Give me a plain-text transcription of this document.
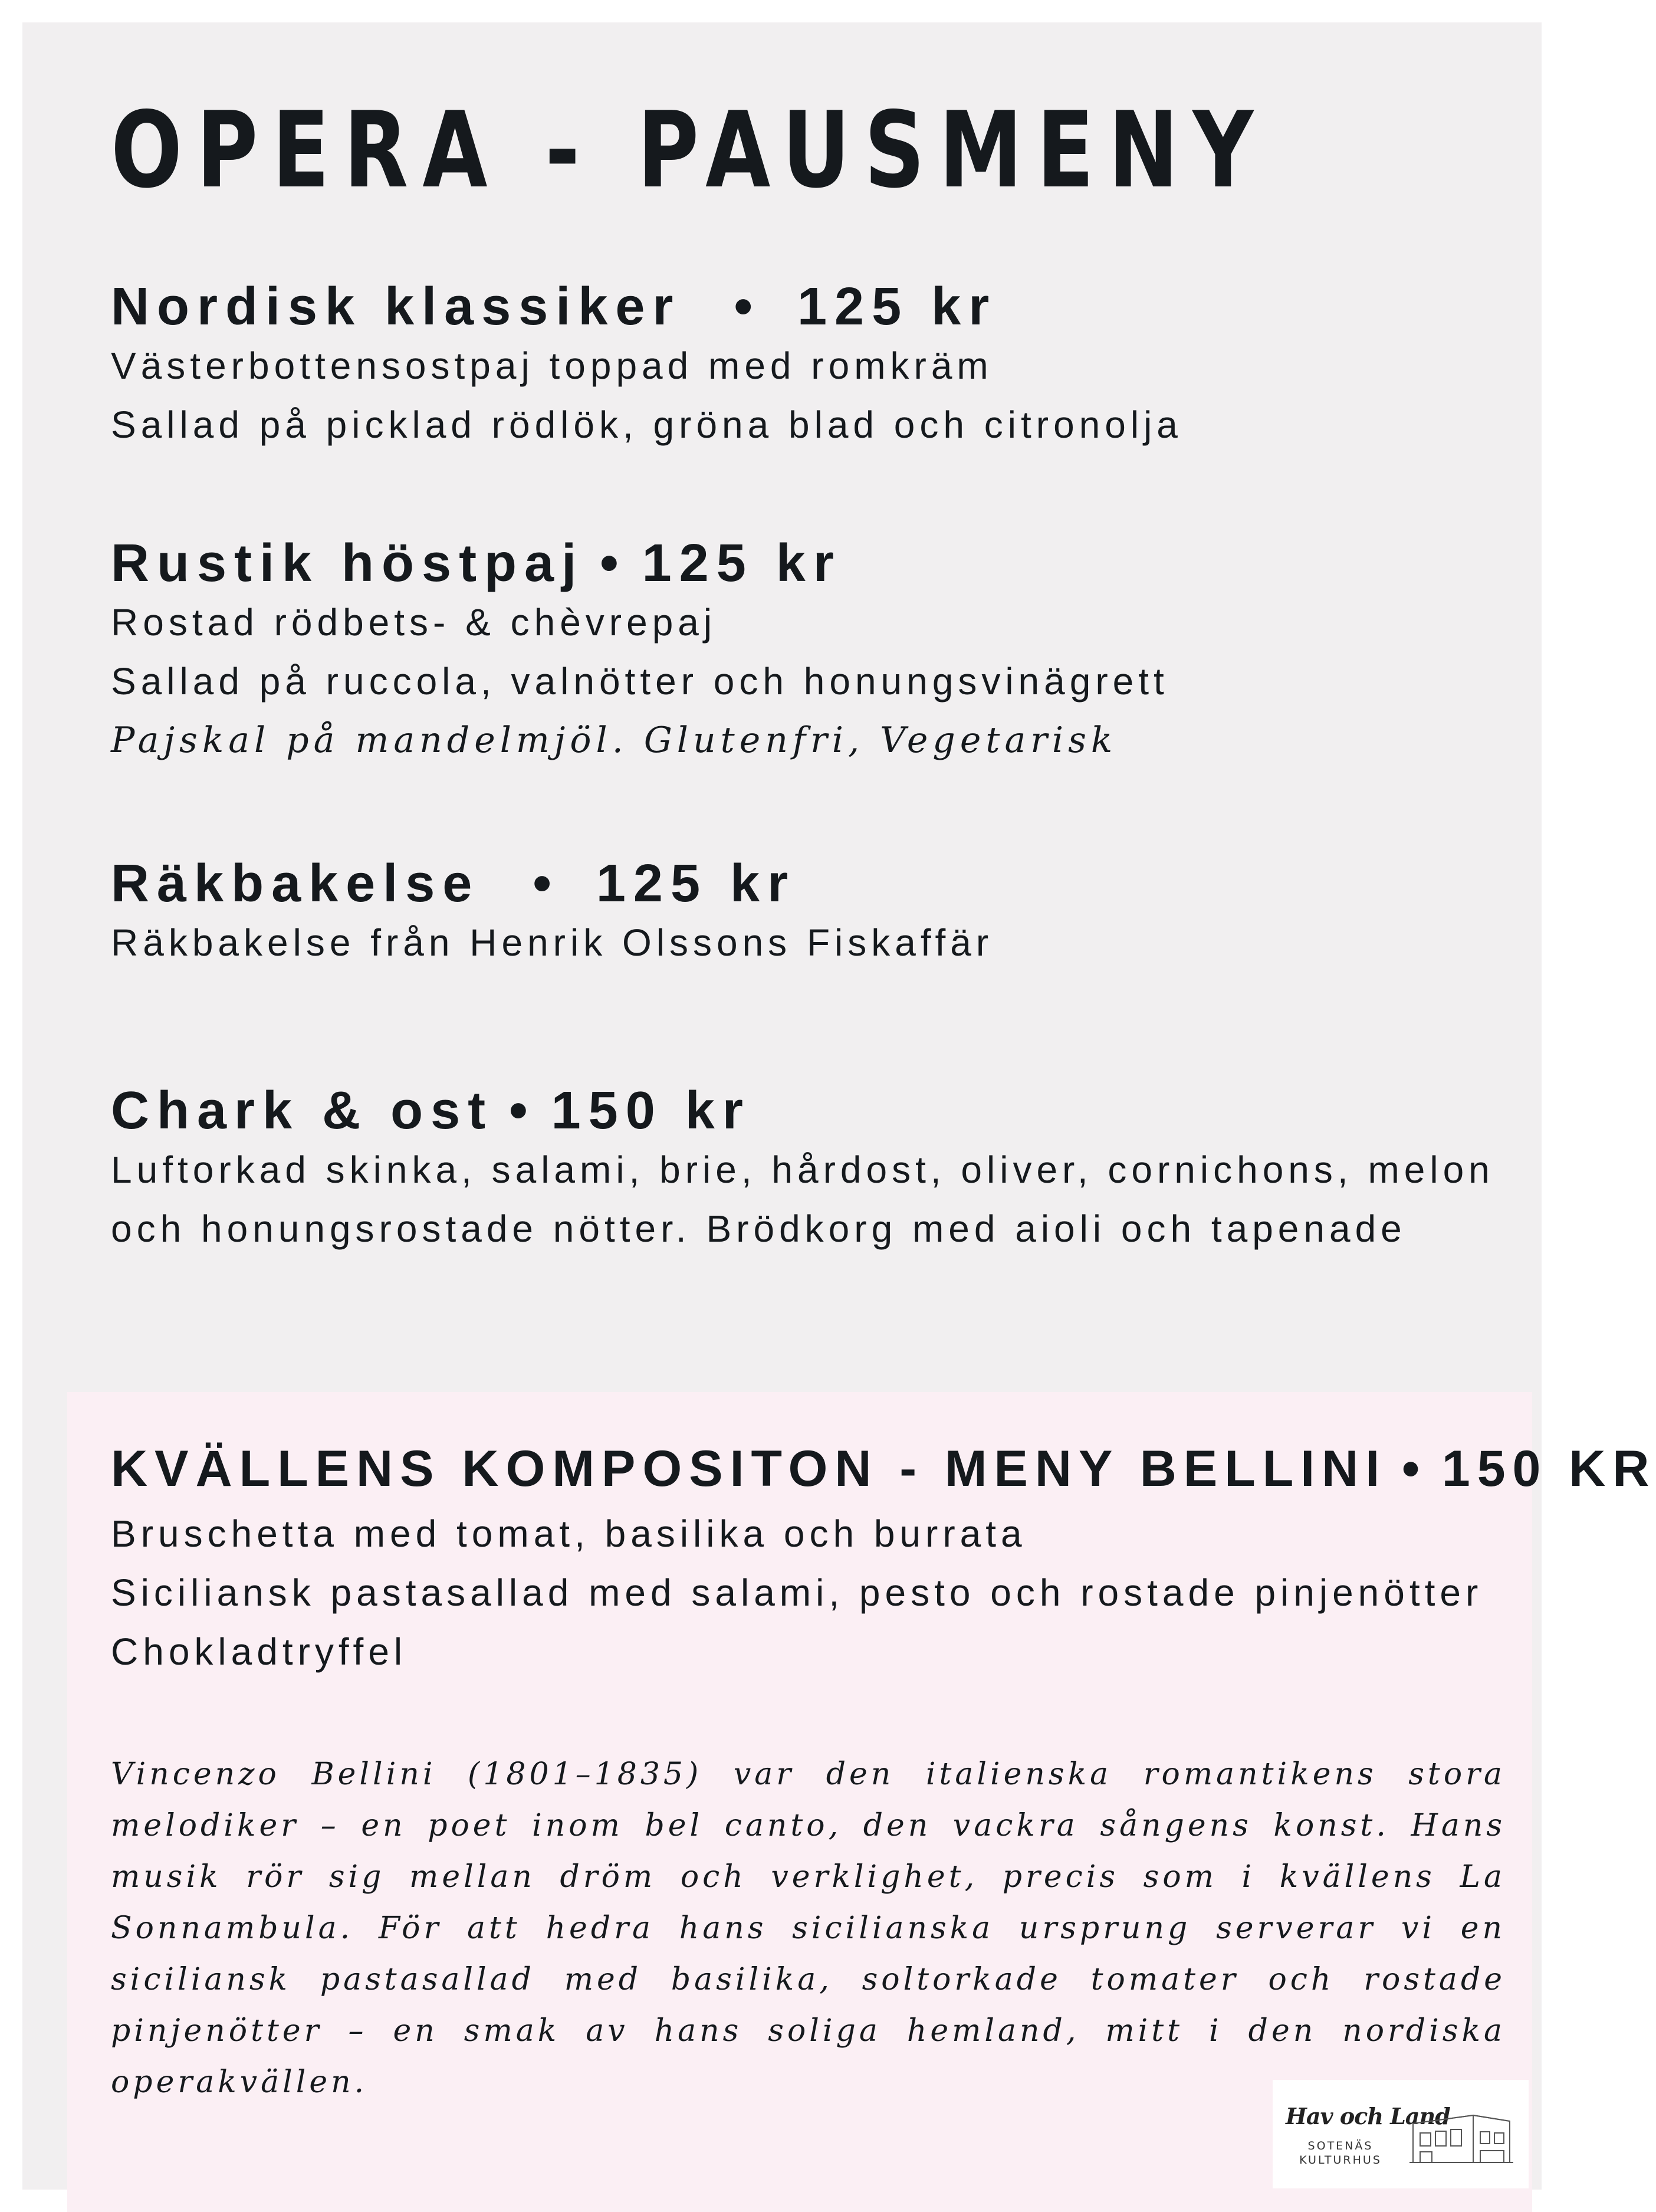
OPERA - PAUSMENY
Nordisk klassiker • 125 kr
Västerbottensostpaj toppad med romkräm
Sallad på picklad rödlök, gröna blad och citronolja
Rustik höstpaj • 125 kr
Rostad rödbets- & chèvrepaj
Sallad på ruccola, valnötter och honungsvinägrett
Pajskal på mandelmjöl. Glutenfri, Vegetarisk
Räkbakelse • 125 kr
Räkbakelse från Henrik Olssons Fiskaffär
Chark & ost • 150 kr
Luftorkad skinka, salami, brie, hårdost, oliver, cornichons, melon
och honungsrostade nötter. Brödkorg med aioli och tapenade
KVÄLLENS KOMPOSITON - MENY BELLINI • 150 KR
Bruschetta med tomat, basilika och burrata
Siciliansk pastasallad med salami, pesto och rostade pinjenötter
Chokladtryffel

Vincenzo Bellini (1801–1835) var den italienska romantikens stora melodiker – en poet inom bel canto, den vackra sångens konst. Hans musik rör sig mellan dröm och verklighet, precis som i kvällens La Sonnambula. För att hedra hans sicilianska ursprung serverar vi en siciliansk pastasallad med basilika, soltorkade tomater och rostade pinjenötter – en smak av hans soliga hemland, mitt i den nordiska operakvällen.

Hav och Land
SOTENÄS
KULTURHUS
